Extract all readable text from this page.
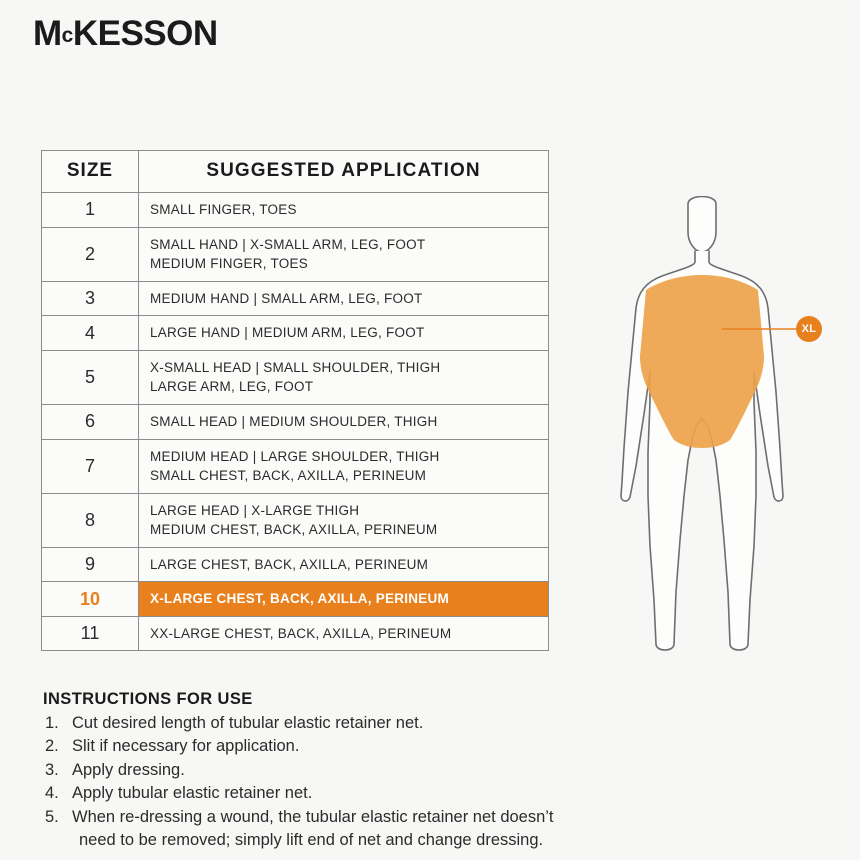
McKESSON
SIZE	SUGGESTED APPLICATION
1	SMALL FINGER, TOES

2	SMALL HAND | X-SMALL ARM, LEG, FOOT
MEDIUM FINGER, TOES

3	MEDIUM HAND | SMALL ARM, LEG, FOOT

4	LARGE HAND | MEDIUM ARM, LEG, FOOT

5	X-SMALL HEAD | SMALL SHOULDER, THIGH
LARGE ARM, LEG, FOOT

6	SMALL HEAD | MEDIUM SHOULDER, THIGH

7	MEDIUM HEAD | LARGE SHOULDER, THIGH
SMALL CHEST, BACK, AXILLA, PERINEUM

8	LARGE HEAD | X-LARGE THIGH
MEDIUM CHEST, BACK, AXILLA, PERINEUM

9	LARGE CHEST, BACK, AXILLA, PERINEUM

10	X-LARGE CHEST, BACK, AXILLA, PERINEUM

11	XX-LARGE CHEST, BACK, AXILLA, PERINEUM
XL
INSTRUCTIONS FOR USE
1. Cut desired length of tubular elastic retainer net.
2. Slit if necessary for application.
3. Apply dressing.
4. Apply tubular elastic retainer net.
5. When re-dressing a wound, the tubular elastic retainer net doesn’t
need to be removed; simply lift end of net and change dressing.
